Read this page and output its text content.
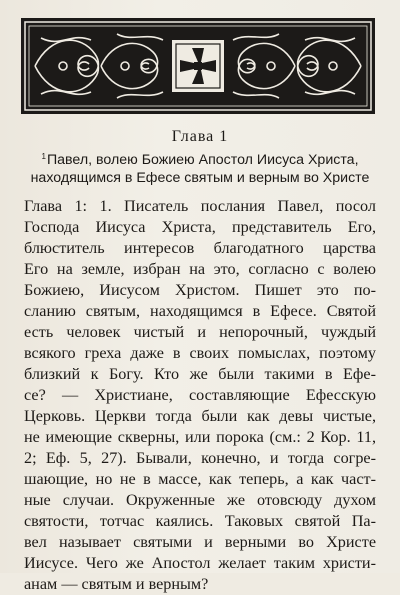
Глава 1
$^1$Павел, волею Божиею Апостол Иисуса Христа,
находящимся в Ефесе святым и верным во Христе
Глава 1: 1. Писатель послания Павел, посол
Господа Иисуса Христа, представитель Его,
блюститель интересов благодатного царства
Его на земле, избран на это, согласно с волею
Божиею, Иисусом Христом. Пишет это по-
сланию святым, находящимся в Ефесе. Святой
есть человек чистый и непорочный, чуждый
всякого греха даже в своих помыслах, поэтому
близкий к Богу. Кто же были такими в Ефе-
се? — Христиане, составляющие Ефесскую
Церковь. Церкви тогда были как девы чистые,
не имеющие скверны, или порока (см.: 2 Кор. 11,
2; Еф. 5, 27). Бывали, конечно, и тогда согре-
шающие, но не в массе, как теперь, а как част-
ные случаи. Окруженные же отовсюду духом
святости, тотчас каялись. Таковых святой Па-
вел называет святыми и верными во Христе
Иисусе. Чего же Апостол желает таким христи-
анам — святым и верным?
